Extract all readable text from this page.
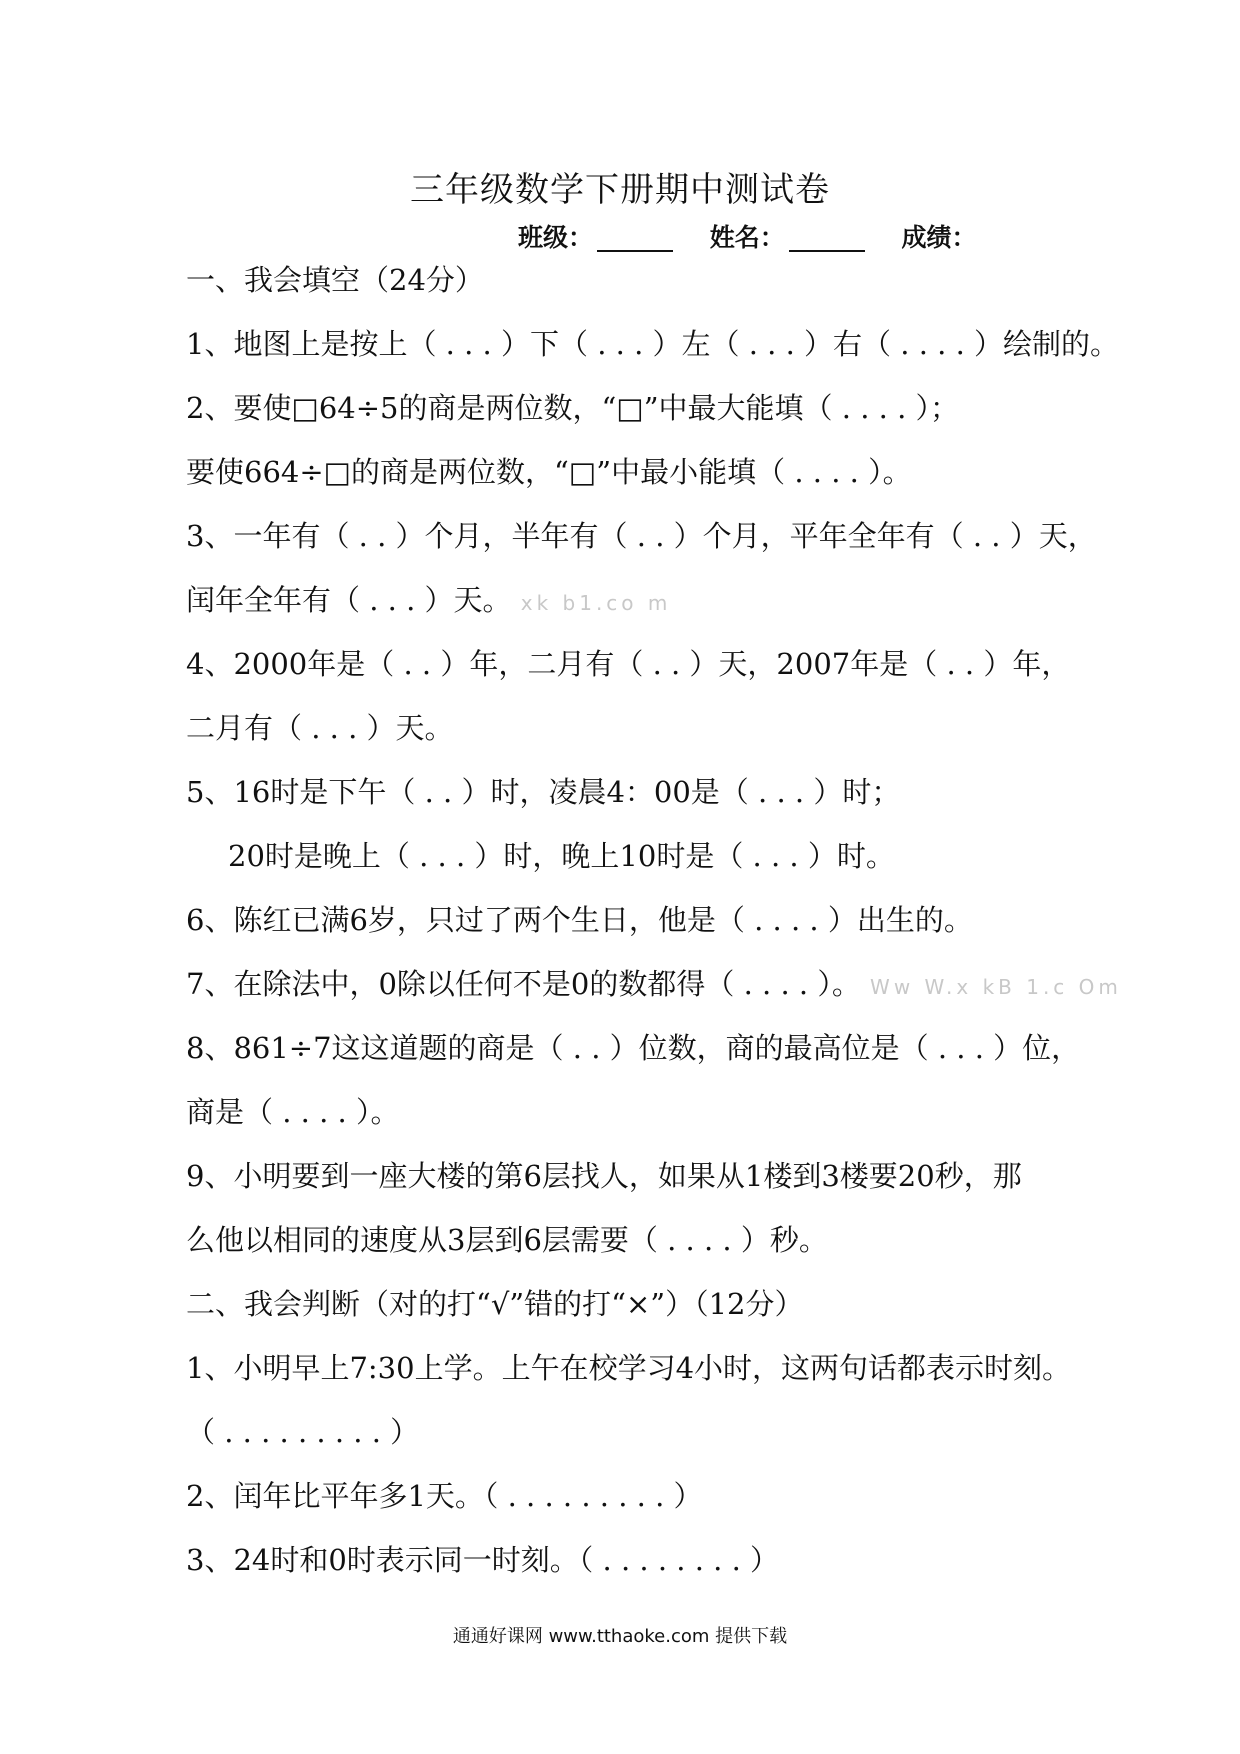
三年级数学下册期中测试卷
班级：	姓名：	成绩：
一、我会填空（24分）
1、地图上是按上（ . . . ）下（ . . . ）左（ . . . ）右（ . . . . ）绘制的。
2、要使□64÷5的商是两位数，“□”中最大能填（ . . . . ）；
要使664÷□的商是两位数，“□”中最小能填（ . . . . ）。
3、一年有（ . . ）个月，半年有（ . . ）个月，平年全年有（ . . ）天，
闰年全年有（ . . . ）天。 xk b1.co m
4、2000年是（ . . ）年，二月有（ . . ）天，2007年是（ . . ）年，
二月有（ . . . ）天。
5、16时是下午（ . . ）时，凌晨4：00是（ . . . ）时；
20时是晚上（ . . . ）时，晚上10时是（ . . . ）时。
6、陈红已满6岁，只过了两个生日，他是（ . . . . ）出生的。
7、在除法中，0除以任何不是0的数都得（ . . . . ）。 Ww W.x kB 1.c Om
8、861÷7这这道题的商是（ . . ）位数，商的最高位是（ . . . ）位，
商是（ . . . . ）。
9、小明要到一座大楼的第6层找人，如果从1楼到3楼要20秒，那
么他以相同的速度从3层到6层需要（ . . . . ）秒。
二、我会判断（对的打“√”错的打“×”）（12分）
1、小明早上7:30上学。上午在校学习4小时，这两句话都表示时刻。
（ . . . . . . . . . ）
2、闰年比平年多1天。（ . . . . . . . . . ）
3、24时和0时表示同一时刻。（ . . . . . . . . ）
通通好课网 www.tthaoke.com 提供下载
